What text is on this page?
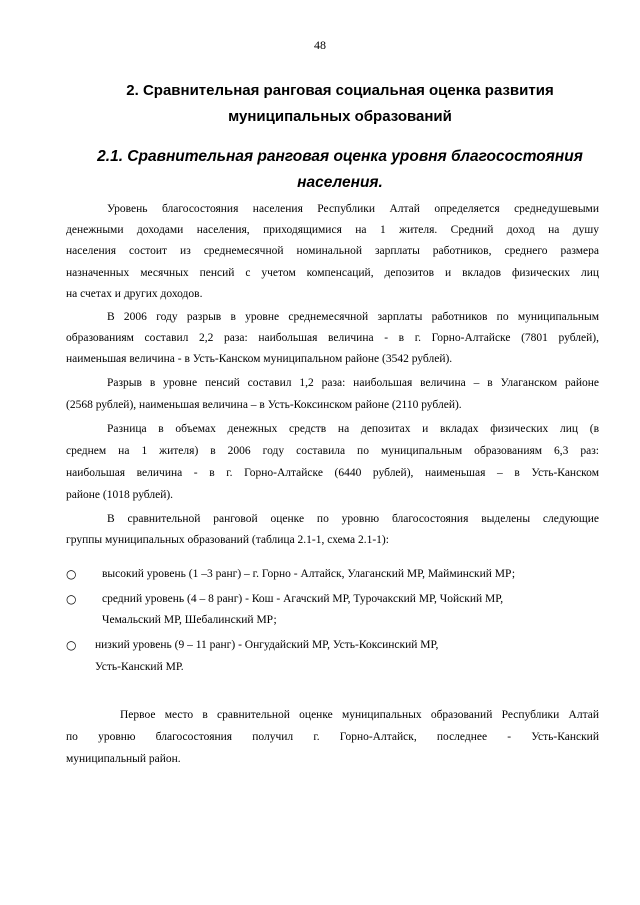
48
2. Сравнительная ранговая социальная оценка развития
муниципальных образований
2.1. Сравнительная ранговая оценка уровня благосостояния
населения.
Уровень благосостояния населения Республики Алтай определяется среднедушевыми
денежными доходами населения, приходящимися на 1 жителя. Средний доход на душу
населения состоит из среднемесячной номинальной зарплаты работников, среднего размера
назначенных месячных пенсий с учетом компенсаций, депозитов и вкладов физических лиц
на счетах и других доходов.
В 2006 году разрыв в уровне среднемесячной зарплаты работников по муниципальным
образованиям составил 2,2 раза: наибольшая величина - в г. Горно-Алтайске (7801 рублей),
наименьшая величина - в Усть-Канском муниципальном районе (3542 рублей).
Разрыв в уровне пенсий составил 1,2 раза: наибольшая величина – в Улаганском районе
(2568 рублей), наименьшая величина – в Усть-Коксинском районе (2110 рублей).
Разница в объемах денежных средств на депозитах и вкладах физических лиц (в
среднем на 1 жителя) в 2006 году составила по муниципальным образованиям 6,3 раз:
наибольшая величина - в г. Горно-Алтайске (6440 рублей), наименьшая – в Усть-Канском
районе (1018 рублей).
В сравнительной ранговой оценке по уровню благосостояния выделены следующие
группы муниципальных образований (таблица 2.1-1, схема 2.1-1):
○ высокий уровень (1 –3 ранг) – г. Горно - Алтайск, Улаганский МР, Майминский МР;
○ средний уровень (4 – 8 ранг) - Кош - Агачский МР, Турочакский МР, Чойский МР,
Чемальский МР, Шебалинский МР;
○ низкий уровень (9 – 11 ранг) - Онгудайский МР, Усть-Коксинский МР,
Усть-Канский МР.
Первое место в сравнительной оценке муниципальных образований Республики Алтай
по уровню благосостояния получил г. Горно-Алтайск, последнее - Усть-Канский
муниципальный район.
